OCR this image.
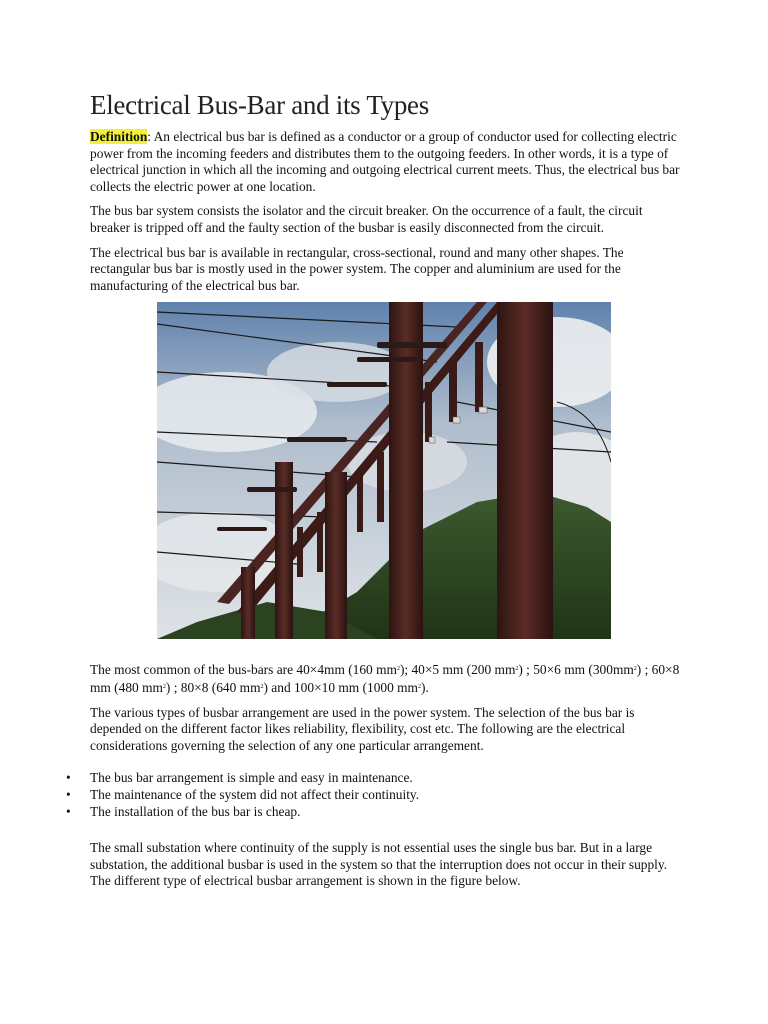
Electrical Bus-Bar and its Types

Definition: An electrical bus bar is defined as a conductor or a group of conductor used for collecting electric power from the incoming feeders and distributes them to the outgoing feeders. In other words, it is a type of electrical junction in which all the incoming and outgoing electrical current meets. Thus, the electrical bus bar collects the electric power at one location.

The bus bar system consists the isolator and the circuit breaker. On the occurrence of a fault, the circuit breaker is tripped off and the faulty section of the busbar is easily disconnected from the circuit.

The electrical bus bar is available in rectangular, cross-sectional, round and many other shapes. The rectangular bus bar is mostly used in the power system. The copper and aluminium are used for the manufacturing of the electrical bus bar.

The most common of the bus-bars are 40×4mm (160 $mm^2$); 40×5 mm (200 $mm^2$) ; 50×6 mm $(300mm^2)$ ; 60×8 mm (480 $mm^2$) ; 80×8 (640 $mm^2$) and 100×10 mm (1000 $mm^2$).

The various types of busbar arrangement are used in the power system. The selection of the bus bar is depended on the different factor likes reliability, flexibility, cost etc. The following are the electrical considerations governing the selection of any one particular arrangement.

• The bus bar arrangement is simple and easy in maintenance.
• The maintenance of the system did not affect their continuity.
• The installation of the bus bar is cheap.

The small substation where continuity of the supply is not essential uses the single bus bar. But in a large substation, the additional busbar is used in the system so that the interruption does not occur in their supply. The different type of electrical busbar arrangement is shown in the figure below.
